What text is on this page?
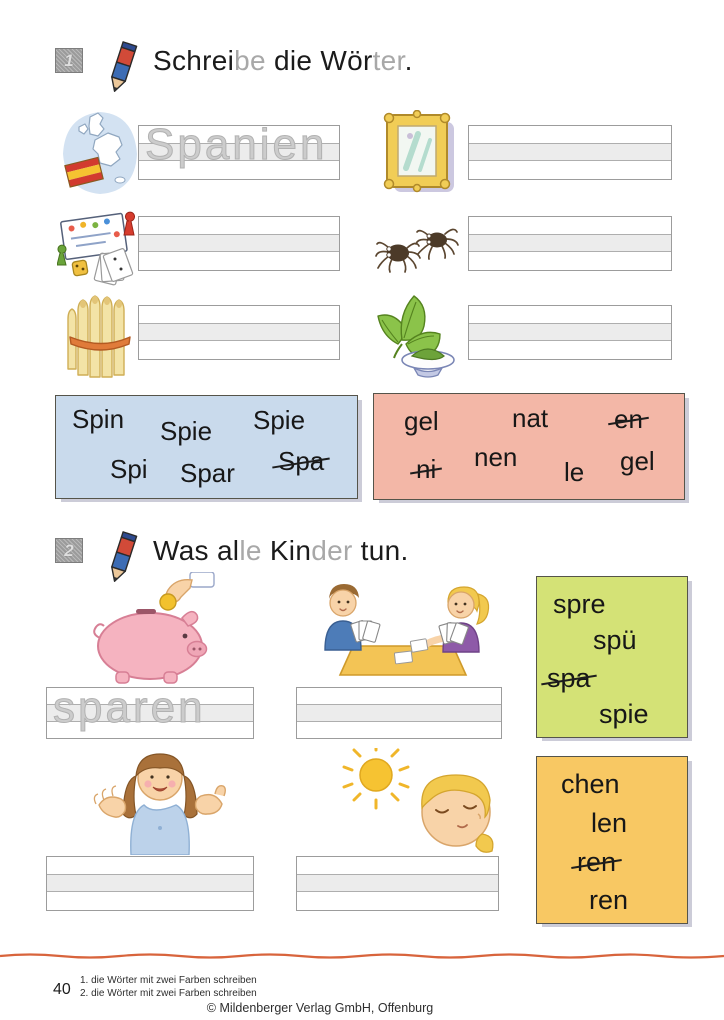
1	Schreibe die Wörter.
Spanien
Spin Spie Spie
Spi Spar Spa
gel	nat	en
ni nen le gel
2	Was alle Kinder tun.
sparen
spre
spü
spa
spie
chen
len
ren
ren
40
1. die Wörter mit zwei Farben schreiben
2. die Wörter mit zwei Farben schreiben
© Mildenberger Verlag GmbH, Offenburg
